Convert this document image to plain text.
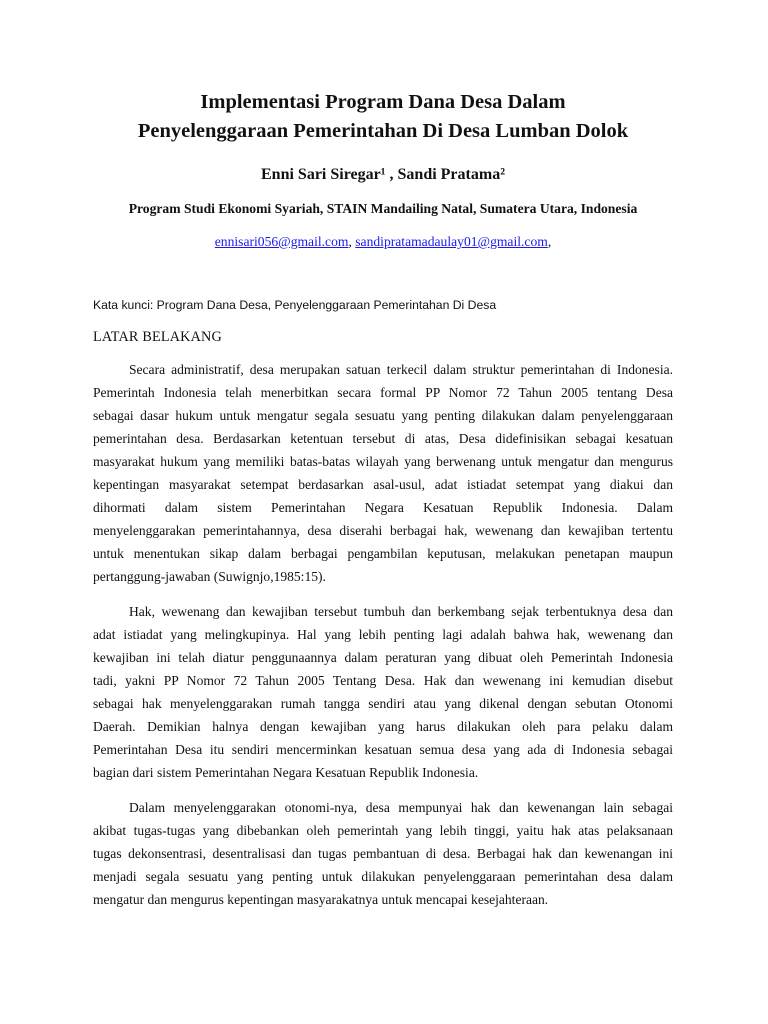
Implementasi Program Dana Desa Dalam
Penyelenggaraan Pemerintahan Di Desa Lumban Dolok
Enni Sari Siregar¹ , Sandi Pratama²
Program Studi Ekonomi Syariah, STAIN Mandailing Natal, Sumatera Utara, Indonesia
ennisari056@gmail.com, sandipratamadaulay01@gmail.com,
Kata kunci: Program Dana Desa, Penyelenggaraan Pemerintahan Di Desa
LATAR BELAKANG

Secara administratif, desa merupakan satuan terkecil dalam struktur pemerintahan di Indonesia.
Pemerintah Indonesia telah menerbitkan secara formal PP Nomor 72 Tahun 2005 tentang Desa
sebagai dasar hukum untuk mengatur segala sesuatu yang penting dilakukan dalam penyelenggaraan
pemerintahan desa. Berdasarkan ketentuan tersebut di atas, Desa didefinisikan sebagai kesatuan
masyarakat hukum yang memiliki batas-batas wilayah yang berwenang untuk mengatur dan mengurus
kepentingan masyarakat setempat berdasarkan asal-usul, adat istiadat setempat yang diakui dan
dihormati dalam sistem Pemerintahan Negara Kesatuan Republik Indonesia. Dalam
menyelenggarakan pemerintahannya, desa diserahi berbagai hak, wewenang dan kewajiban tertentu
untuk menentukan sikap dalam berbagai pengambilan keputusan, melakukan penetapan maupun
pertanggung-jawaban (Suwignjo,1985:15).

Hak, wewenang dan kewajiban tersebut tumbuh dan berkembang sejak terbentuknya desa dan
adat istiadat yang melingkupinya. Hal yang lebih penting lagi adalah bahwa hak, wewenang dan
kewajiban ini telah diatur penggunaannya dalam peraturan yang dibuat oleh Pemerintah Indonesia
tadi, yakni PP Nomor 72 Tahun 2005 Tentang Desa. Hak dan wewenang ini kemudian disebut
sebagai hak menyelenggarakan rumah tangga sendiri atau yang dikenal dengan sebutan Otonomi
Daerah. Demikian halnya dengan kewajiban yang harus dilakukan oleh para pelaku dalam
Pemerintahan Desa itu sendiri mencerminkan kesatuan semua desa yang ada di Indonesia sebagai
bagian dari sistem Pemerintahan Negara Kesatuan Republik Indonesia.

Dalam menyelenggarakan otonomi-nya, desa mempunyai hak dan kewenangan lain sebagai
akibat tugas-tugas yang dibebankan oleh pemerintah yang lebih tinggi, yaitu hak atas pelaksanaan
tugas dekonsentrasi, desentralisasi dan tugas pembantuan di desa. Berbagai hak dan kewenangan ini
menjadi segala sesuatu yang penting untuk dilakukan penyelenggaraan pemerintahan desa dalam
mengatur dan mengurus kepentingan masyarakatnya untuk mencapai kesejahteraan.
